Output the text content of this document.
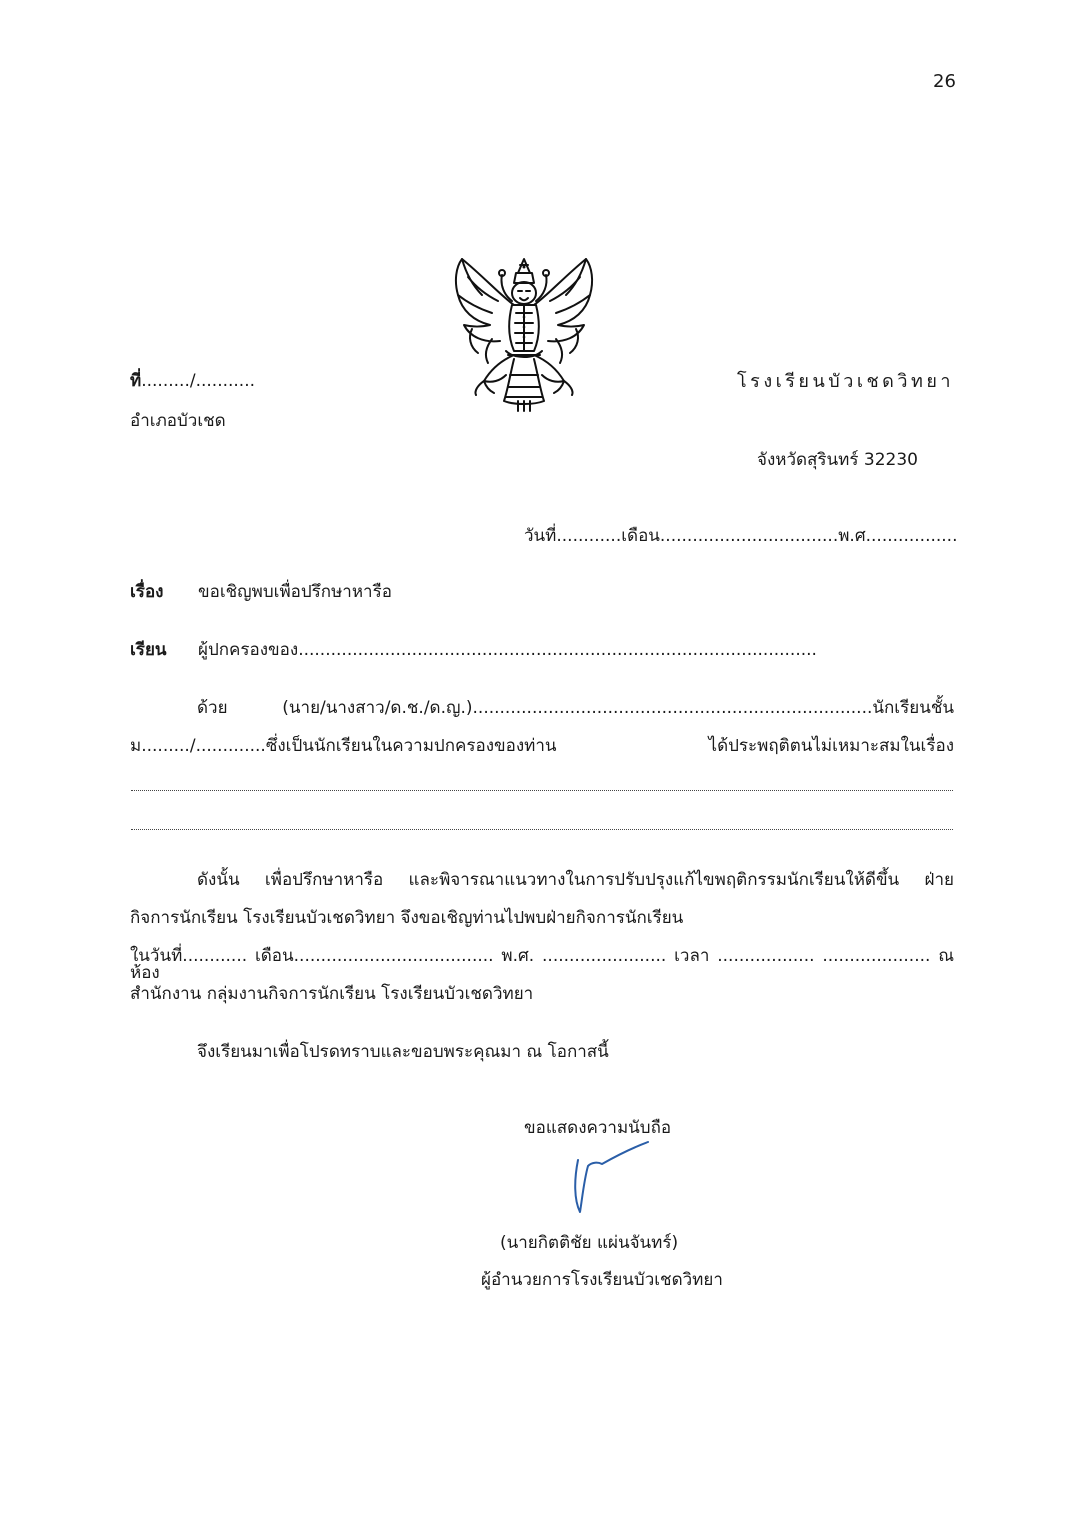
26
ที่........./...........	โรงเรียนบัวเชดวิทยา
อำเภอบัวเชด
จังหวัดสุรินทร์ 32230
วันที่............เดือน.................................พ.ศ.................
เรื่อง ขอเชิญพบเพื่อปรึกษาหารือ
เรียน ผู้ปกครองของ................................................................................................
ด้วย (นาย/นางสาว/ด.ช./ด.ญ.)..........................................................................นักเรียนชั้น
ม........./.............ซึ่งเป็นนักเรียนในความปกครองของท่าน ได้ประพฤติตนไม่เหมาะสมในเรื่อง
ดังนั้น เพื่อปรึกษาหารือ และพิจารณาแนวทางในการปรับปรุงแก้ไขพฤติกรรมนักเรียนให้ดีขึ้น ฝ่าย
กิจการนักเรียน โรงเรียนบัวเชดวิทยา จึงขอเชิญท่านไปพบฝ่ายกิจการนักเรียน
ในวันที่............ เดือน..................................... พ.ศ. ....................... เวลา .................. .................... ณ ห้อง
สำนักงาน กลุ่มงานกิจการนักเรียน โรงเรียนบัวเชดวิทยา
จึงเรียนมาเพื่อโปรดทราบและขอบพระคุณมา ณ โอกาสนี้
ขอแสดงความนับถือ
(นายกิตติชัย แผ่นจันทร์)
ผู้อำนวยการโรงเรียนบัวเชดวิทยา
